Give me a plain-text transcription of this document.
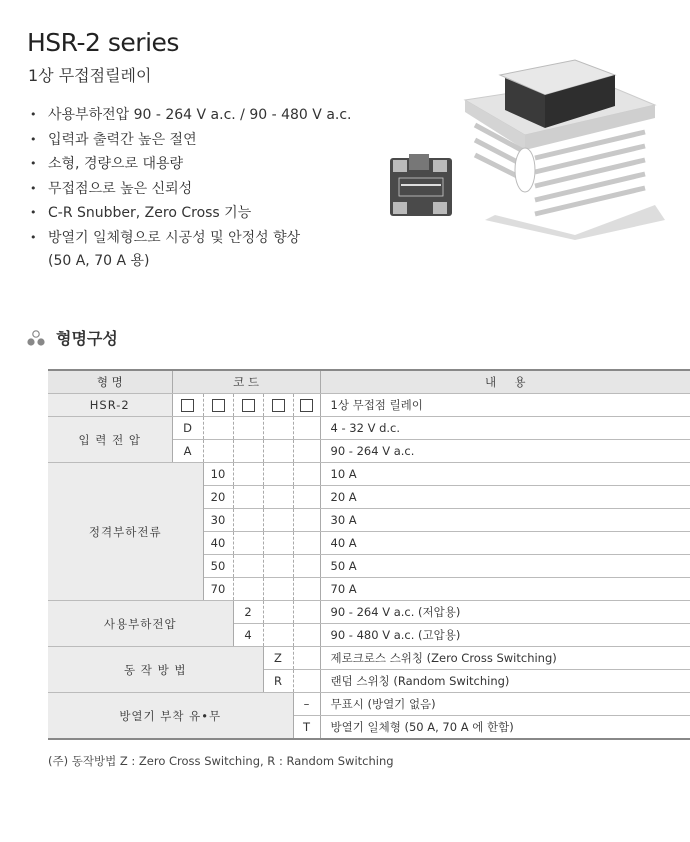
HSR-2 series
1상 무접점릴레이
• 사용부하전압 90 - 264 V a.c. / 90 - 480 V a.c.
• 입력과 출력간 높은 절연
• 소형, 경량으로 대용량
• 무접점으로 높은 신뢰성
• C-R Snubber, Zero Cross 기능
• 방열기 일체형으로 시공성 및 안정성 향상
(50 A, 70 A 용)
형명구성
형 명	코 드					내     용
HSR-2						1상 무접점 릴레이
입 력 전 압	D					4 - 32 V d.c.
	A					90 - 264 V a.c.
정격부하전류		10				10 A
		20				20 A
		30				30 A
		40				40 A
		50				50 A
		70				70 A
사용부하전압			2			90 - 264 V a.c. (저압용)
			4			90 - 480 V a.c. (고압용)
동 작 방 법				Z		제로크로스 스위칭 (Zero Cross Switching)
				R		랜덤 스위칭 (Random Switching)
방열기 부착 유•무					–	무표시 (방열기 없음)
					T	방열기 일체형 (50 A, 70 A 에 한함)
(주) 동작방법 Z : Zero Cross Switching, R : Random Switching
